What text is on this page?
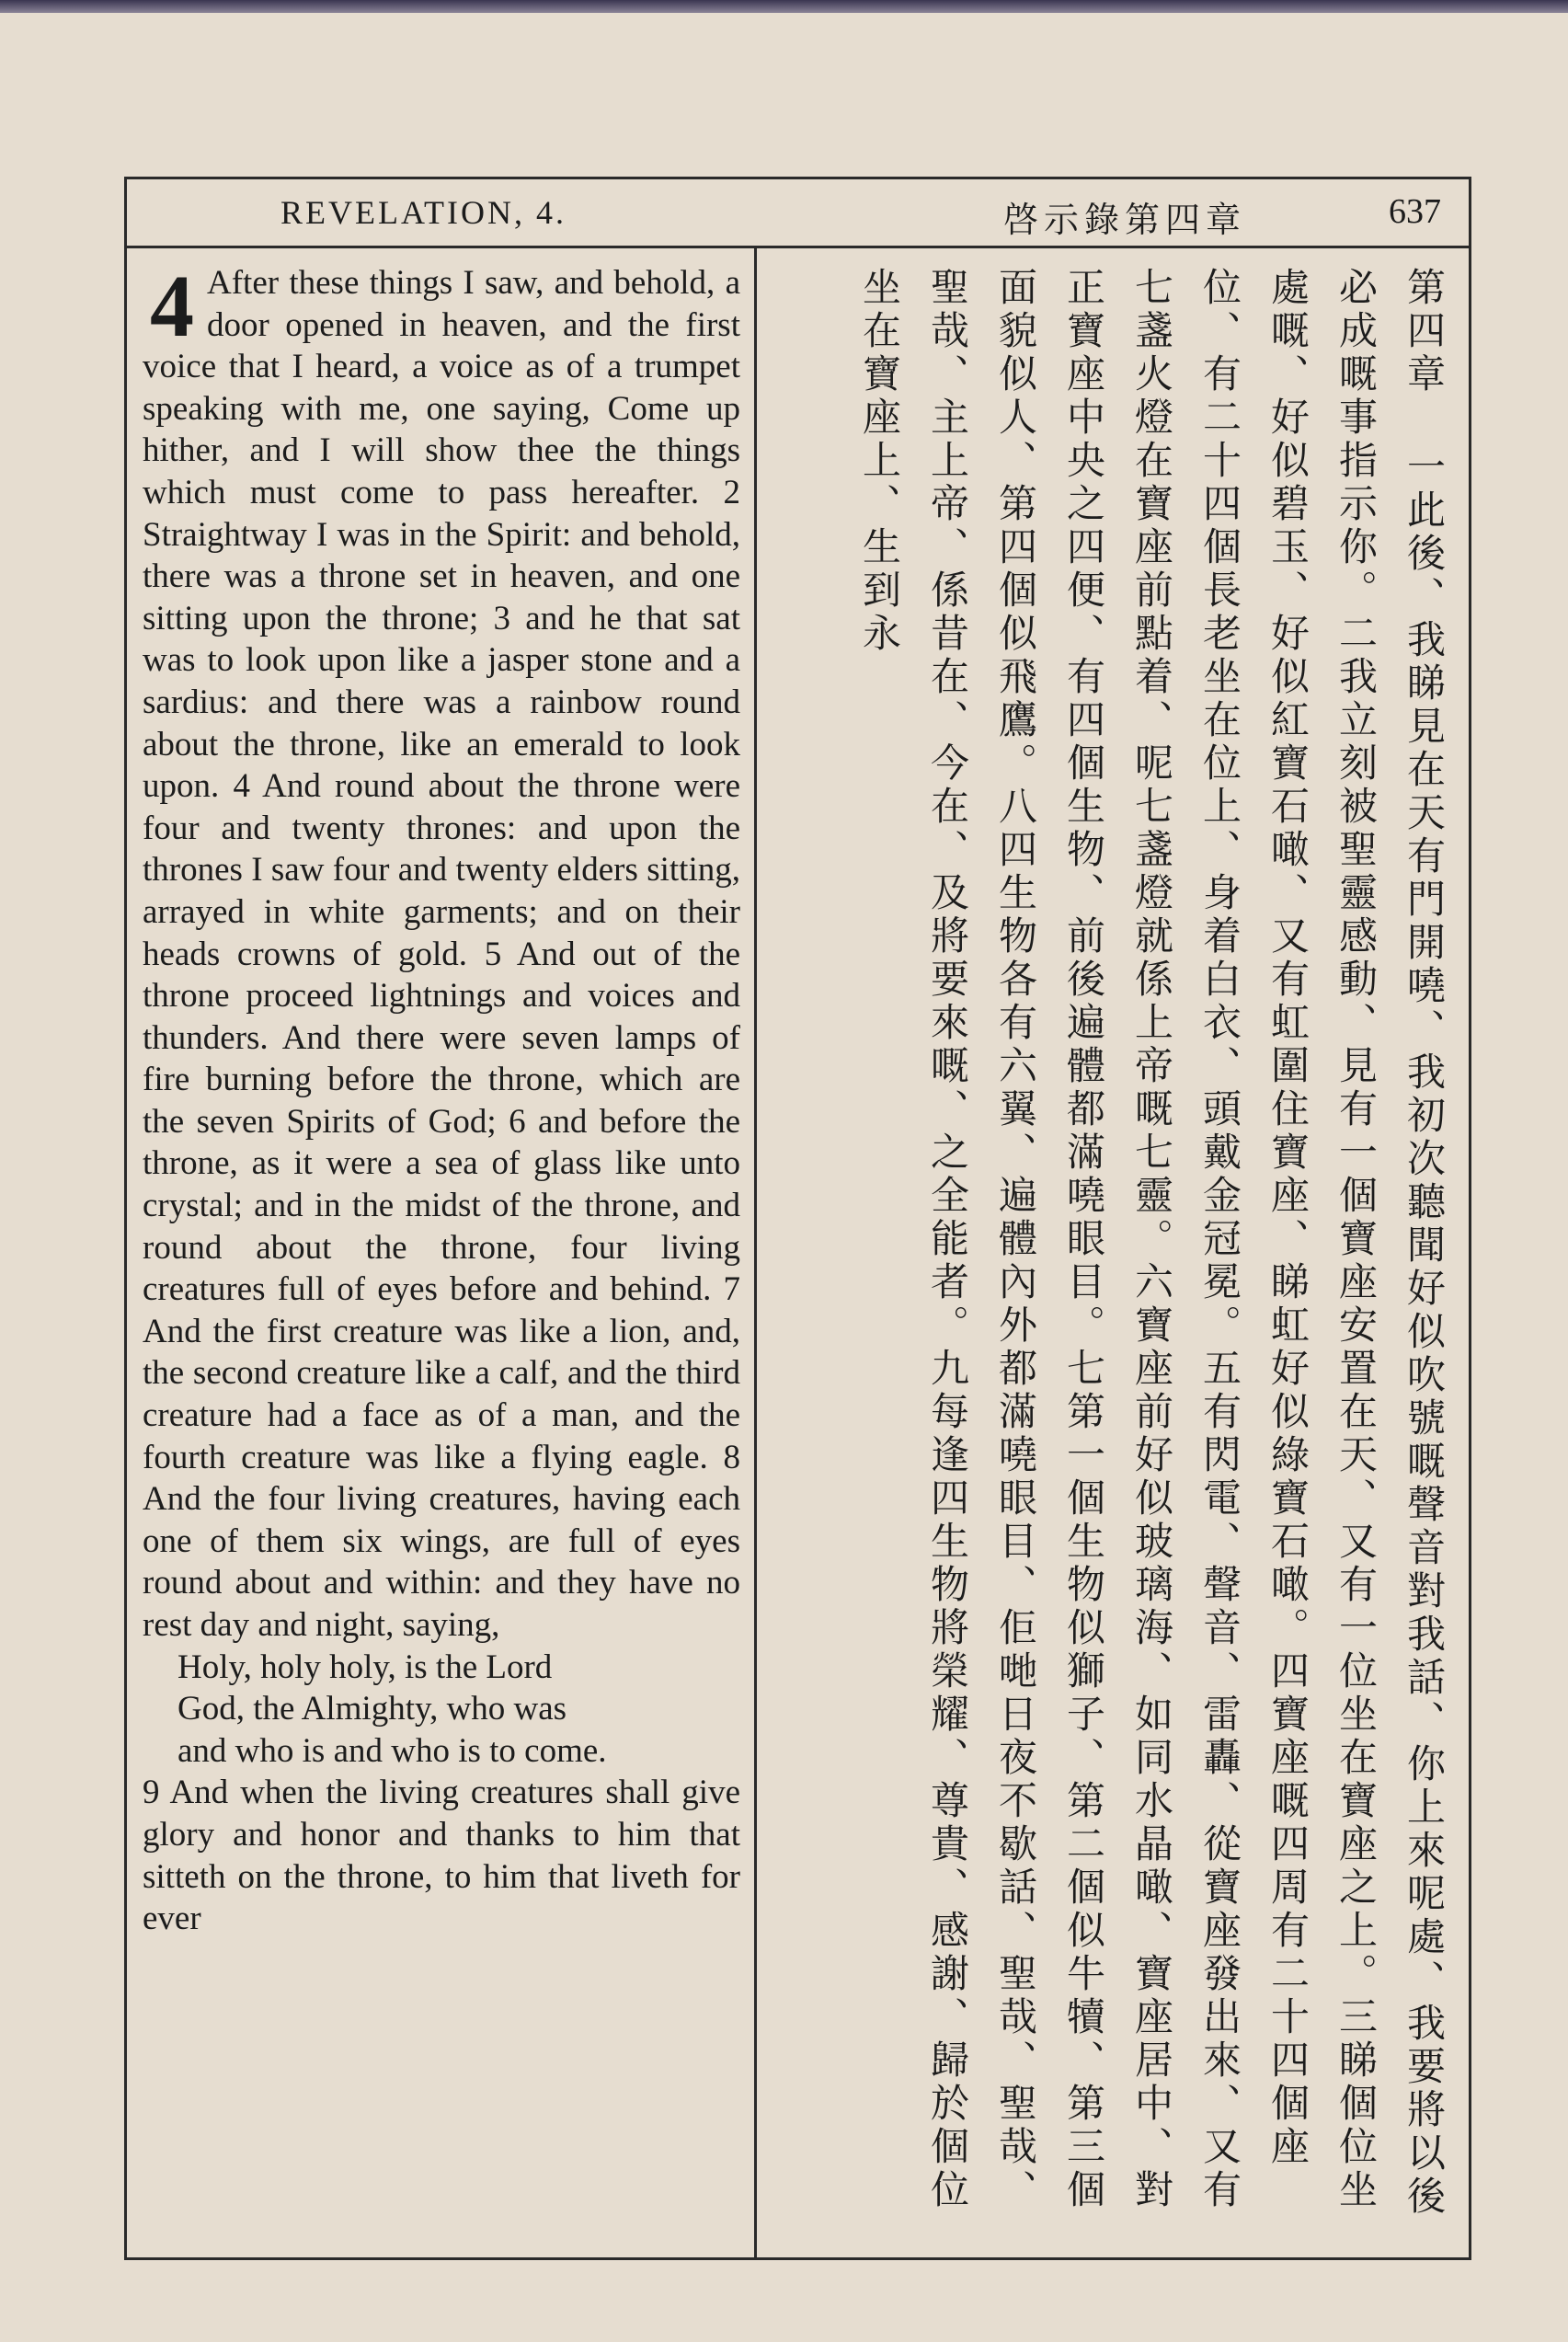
REVELATION, 4.	啓示錄第四章	637

4 After these things I saw, and behold, a door opened in heaven, and the first voice that I heard, a voice as of a trumpet speaking with me, one saying, Come up hither, and I will show thee the things which must come to pass hereafter. 2 Straightway I was in the Spirit: and behold, there was a throne set in heaven, and one sitting upon the throne; 3 and he that sat was to look upon like a jasper stone and a sardius: and there was a rainbow round about the throne, like an emerald to look upon. 4 And round about the throne were four and twenty thrones: and upon the thrones I saw four and twenty elders sitting, arrayed in white garments; and on their heads crowns of gold. 5 And out of the throne proceed lightnings and voices and thunders. And there were seven lamps of fire burning before the throne, which are the seven Spirits of God; 6 and before the throne, as it were a sea of glass like unto crystal; and in the midst of the throne, and round about the throne, four living creatures full of eyes before and behind. 7 And the first creature was like a lion, and, the second creature like a calf, and the third creature had a face as of a man, and the fourth creature was like a flying eagle. 8 And the four living creatures, having each one of them six wings, are full of eyes round about and within: and they have no rest day and night, saying,

Holy, holy holy, is the Lord
God, the Almighty, who was
and who is and who is to come.

9 And when the living creatures shall give glory and honor and thanks to him that sitteth on the throne, to him that liveth for ever	第四章 一此後、我睇見在天有門開嘵、我初次聽聞好似吹號嘅聲音對我話、你上來呢處、我要將以後必成嘅事指示你。二我立刻被聖靈感動、見有一個寶座安置在天、又有一位坐在寶座之上。三睇個位坐處嘅、好似碧玉、好似紅寶石噉、又有虹圍住寶座、睇虹好似綠寶石噉。四寶座嘅四周有二十四個座位、有二十四個長老坐在位上、身着白衣、頭戴金冠冕。五有閃電、聲音、雷轟、從寶座發出來、又有七盞火燈在寶座前點着、呢七盞燈就係上帝嘅七靈。六寶座前好似玻璃海、如同水晶噉、寶座居中、對正寶座中央之四便、有四個生物、前後遍體都滿嘵眼目。七第一個生物似獅子、第二個似牛犢、第三個面貌似人、第四個似飛鷹。八四生物各有六翼、遍體內外都滿嘵眼目、佢哋日夜不歇話、聖哉、聖哉、聖哉、主上帝、係昔在、今在、及將要來嘅、之全能者。九每逢四生物將榮耀、尊貴、感謝、歸於個位坐在寶座上、生到永
